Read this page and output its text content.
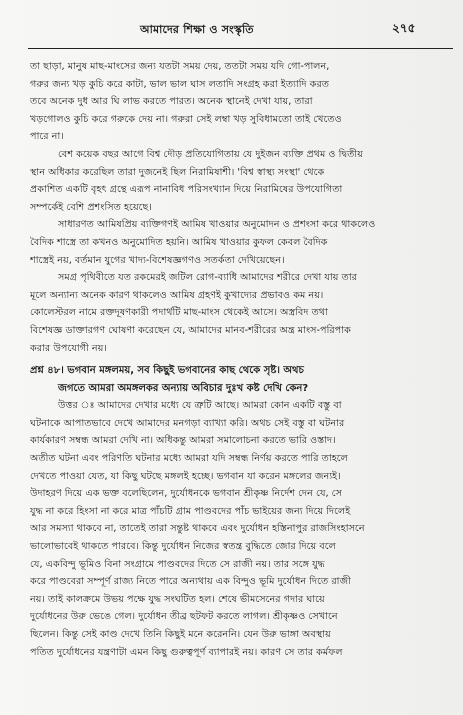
আমাদের শিক্ষা ও সংস্কৃতি	২৭৫
তা ছাড়া, মানুষ মাছ-মাংসের জন্য যতটা সময় দেয়, ততটা সময় যদি গো-পালন,
গরুর জন্য খড় কুচি করে কাটা, ভাল ভাল ঘাস লতাদি সংগ্রহ করা ইত্যাদি করত
তবে অনেক দুধ আর ঘি লাভ করতে পারত। অনেক স্থানেই দেখা যায়, তারা
খড়গোলও কুচি করে গরুকে দেয় না। গরুরা সেই লম্বা খড় সুবিধামতো তাই খেতেও
পারে না।
বেশ কয়েক বছর আগে বিশ্ব দৌড় প্রতিযোগিতায় যে দুইজন ব্যক্তি প্রথম ও দ্বিতীয়
স্থান অধিকার করেছিল তারা দুজনেই ছিল নিরামিষাশী। 'বিশ্ব স্বাস্থ্য সংস্থা' থেকে
প্রকাশিত একটি বৃহৎ গ্রন্থে এরূপ নানাবিধ পরিসংখ্যান দিয়ে নিরামিষের উপযোগিতা
সম্পর্কেই বেশি প্রশংসিত হয়েছে।
সাধারণত আমিষপ্রিয় ব্যক্তিগণই আমিষ খাওয়ার অনুমোদন ও প্রশংসা করে থাকলেও
বৈদিক শাস্ত্রে তা কখনও অনুমোদিত হয়নি। আমিষ খাওয়ার কুফল কেবল বৈদিক
শাস্ত্রেই নয়, বর্তমান যুগের খাদ্য-বিশেষজ্ঞগণও সতর্কতা দেখিয়েছেন।
সমগ্র পৃথিবীতে যত রকমেরই জটিল রোগ-ব্যাধি আমাদের শরীরে দেখা যায় তার
মূলে অন্যান্য অনেক কারণ থাকলেও আমিষ গ্রহণই কুখাদ্যের প্রভাবও কম নয়।
কোলেস্টরল নামে রক্তদূষণকারী পদার্থটি মাছ-মাংস থেকেই আসে। অস্ত্রবিদ তথা
বিশেষজ্ঞ ডাক্তারগণ ঘোষণা করেছেন যে, আমাদের মানব-শরীরের অন্ত্র মাংস-পরিপাক
করার উপযোগী নয়।
প্রশ্ন ৪৮। ভগবান মঙ্গলময়, সব কিছুই ভগবানের কাছ থেকে সৃষ্ট। অথচ
জগতে আমরা অমঙ্গলকর অন্যায় অবিচার দুঃখ কষ্ট দেখি কেন?
উত্তর ঃ আমাদের দেখার মধ্যে যে ত্রুটি আছে। আমরা কোন একটি বস্তু বা
ঘটনাকে আপাতভাবে দেখে আমাদের মনগড়া ব্যাখ্যা করি। অথচ সেই বস্তু বা ঘটনার
কার্যকারণ সম্বন্ধ আমরা দেখি না। অধিকন্তু আমরা সমালোচনা করতে ভারি ওস্তাদ।
অতীত ঘটনা এবং পরিণতি ঘটনার মধ্যে আমরা যদি সম্বন্ধ নির্ণয় করতে পারি তাহলে
দেখতে পাওয়া যেত, যা কিছু ঘটছে মঙ্গলই হচ্ছে। ভগবান যা করেন মঙ্গলের জন্যই।
উদাহরণ দিয়ে এক ভক্ত বলেছিলেন, দুর্যোধনকে ভগবান শ্রীকৃষ্ণ নির্দেশ দেন যে, সে
যুদ্ধ না করে হিংসা না করে মাত্র পাঁচটি গ্রাম পাণ্ডবদের পাঁচ ভাইয়ের জন্য দিয়ে দিলেই
আর সমস্যা থাকবে না, তাতেই তারা সন্তুষ্ট থাকবে এবং দুর্যোধন হস্তিনাপুর রাজসিংহাসনে
ভালোভাবেই থাকতে পারবে। কিন্তু দুর্যোধন নিজের স্বতন্ত্র বুদ্ধিতে জোর দিয়ে বলে
যে, একবিন্দু ভূমিও বিনা সংগ্রামে পাণ্ডবদের দিতে সে রাজী নয়। তার সঙ্গে যুদ্ধ
করে পাণ্ডবেরা সম্পূর্ণ রাজ্য নিতে পারে অন্যথায় এক বিন্দুও ভূমি দুর্যোধন দিতে রাজী
নয়। তাই কালক্রমে উভয় পক্ষে যুদ্ধ সংঘটিত হল। শেষে ভীমসেনের গদার ঘায়ে
দুর্যোধনের উরু ভেঙে গেল। দুর্যোধন তীব্র ছটফট করতে লাগল। শ্রীকৃষ্ণও সেখানে
ছিলেন। কিন্তু সেই কাণ্ড দেখে তিনি কিছুই মনে করেননি। যেন উরু ভাঙ্গা অবস্থায়
পতিত দুর্যোধনের যন্ত্রণাটা এমন কিছু গুরুত্বপূর্ণ ব্যাপারই নয়। কারণ সে তার কর্মফল
